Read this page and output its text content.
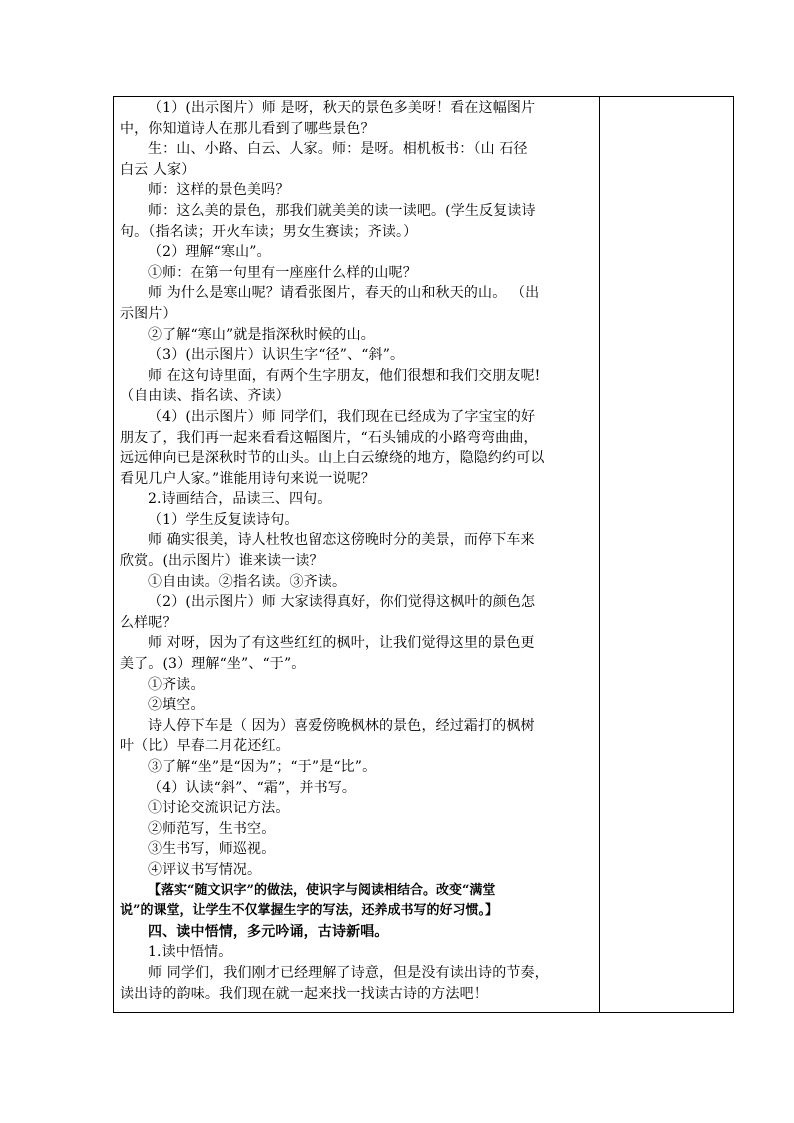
（1）(出示图片）师 是呀，秋天的景色多美呀！看在这幅图片
中，你知道诗人在那儿看到了哪些景色？
生：山、小路、白云、人家。师：是呀。相机板书：（山 石径
白云 人家）
师：这样的景色美吗？
师：这么美的景色，那我们就美美的读一读吧。(学生反复读诗
句。（指名读；开火车读；男女生赛读；齐读。）
（2）理解“寒山”。
①师：在第一句里有一座座什么样的山呢？
师 为什么是寒山呢？请看张图片，春天的山和秋天的山。 （出
示图片）
②了解“寒山”就是指深秋时候的山。
（3）(出示图片）认识生字“径”、“斜”。
师 在这句诗里面，有两个生字朋友，他们很想和我们交朋友呢!
（自由读、指名读、齐读）
（4）(出示图片）师 同学们，我们现在已经成为了字宝宝的好
朋友了，我们再一起来看看这幅图片，“石头铺成的小路弯弯曲曲，
远远伸向已是深秋时节的山头。山上白云缭绕的地方，隐隐约约可以
看见几户人家。”谁能用诗句来说一说呢？
2.诗画结合，品读三、四句。
（1）学生反复读诗句。
师 确实很美，诗人杜牧也留恋这傍晚时分的美景，而停下车来
欣赏。(出示图片）谁来读一读？
①自由读。②指名读。③齐读。
（2）(出示图片）师 大家读得真好，你们觉得这枫叶的颜色怎
么样呢？
师 对呀，因为了有这些红红的枫叶，让我们觉得这里的景色更
美了。(3）理解“坐”、“于”。
①齐读。
②填空。
诗人停下车是（ 因为）喜爱傍晚枫林的景色，经过霜打的枫树
叶（比）早春二月花还红。
③了解“坐”是“因为”；“于”是“比”。
（4）认读“斜”、“霜”，并书写。
①讨论交流识记方法。
②师范写，生书空。
③生书写，师巡视。
④评议书写情况。
【落实“随文识字”的做法，使识字与阅读相结合。改变“满堂
说”的课堂，让学生不仅掌握生字的写法，还养成书写的好习惯。】
四、读中悟情，多元吟诵，古诗新唱。
1.读中悟情。
师 同学们，我们刚才已经理解了诗意，但是没有读出诗的节奏，
读出诗的韵味。我们现在就一起来找一找读古诗的方法吧！
